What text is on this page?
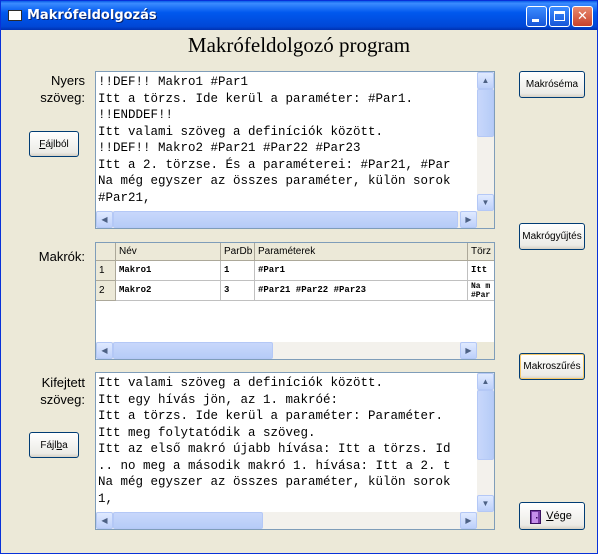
Makrófeldolgozás	✕
Makrófeldolgozó program
Nyers
szöveg:
F ájlból
!!DEF!! Makro1 #Par1
Itt a törzs. Ide kerül a paraméter: #Par1.
!!ENDDEF!!
Itt valami szöveg a definíciók között.
!!DEF!! Makro2 #Par21 #Par22 #Par23
Itt a 2. törzse. És a paraméterei: #Par21, #Par
Na még egyszer az összes paraméter, külön sorok
#Par21,
▲
▼
◀	▶
Makrók:	Név	ParDb Paraméterek	Törz
1	Makro1	1	#Par1	Itt
2	Makro2	3	#Par21 #Par22 #Par23	Na m #Par
◀	▶
Kifejtett
szöveg:
Fájl b a
Itt valami szöveg a definíciók között.
Itt egy hívás jön, az 1. makróé:
Itt a törzs. Ide kerül a paraméter: Paraméter.
Itt meg folytatódik a szöveg.
Itt az első makró újabb hívása: Itt a törzs. Id
.. no meg a második makró 1. hívása: Itt a 2. t
Na még egyszer az összes paraméter, külön sorok
1,
▲
▼
◀	▶
Makróséma
Makrógyűjtés
Makroszűrés
Vége
